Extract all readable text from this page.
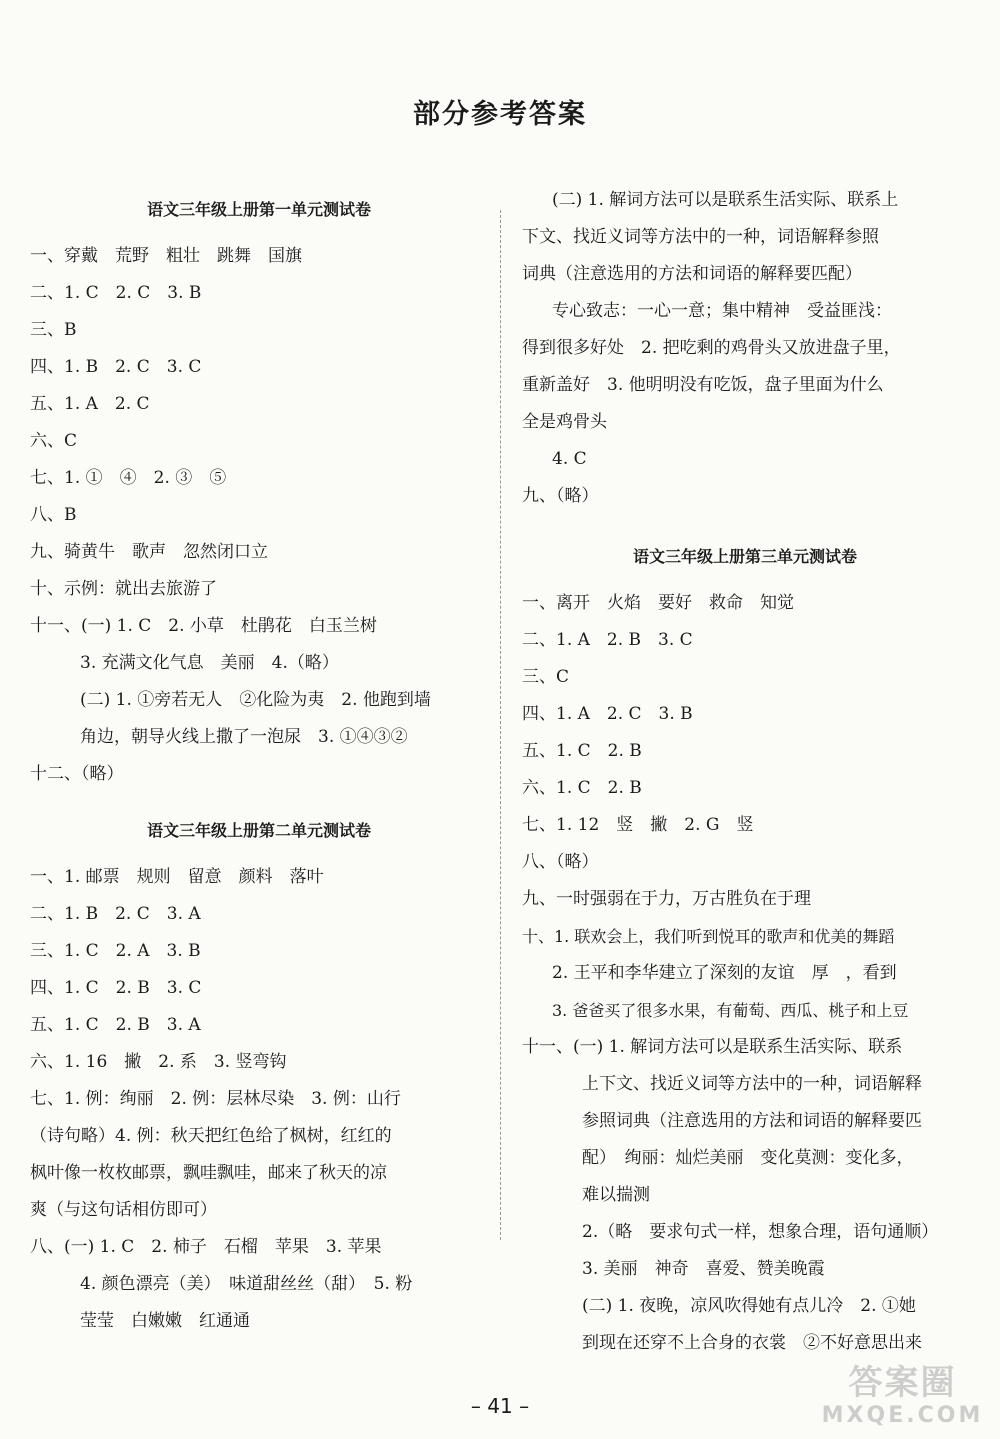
部分参考答案
语文三年级上册第一单元测试卷
一、穿戴　荒野　粗壮　跳舞　国旗
二、1. C　2. C　3. B
三、B
四、1. B　2. C　3. C
五、1. A　2. C
六、C
七、1. ①　④　2. ③　⑤
八、B
九、骑黄牛　歌声　忽然闭口立
十、示例：就出去旅游了
十一、(一) 1. C　2. 小草　杜鹃花　白玉兰树
3. 充满文化气息　美丽　4.（略）
(二) 1. ①旁若无人　②化险为夷　2. 他跑到墙
角边，朝导火线上撒了一泡尿　3. ①④③②
十二、（略）
语文三年级上册第二单元测试卷
一、1. 邮票　规则　留意　颜料　落叶
二、1. B　2. C　3. A
三、1. C　2. A　3. B
四、1. C　2. B　3. C
五、1. C　2. B　3. A
六、1. 16　撇　2. 系　3. 竖弯钩
七、1. 例：绚丽　2. 例：层林尽染　3. 例：山行
（诗句略）4. 例：秋天把红色给了枫树，红红的
枫叶像一枚枚邮票，飘哇飘哇，邮来了秋天的凉
爽（与这句话相仿即可）
八、(一) 1. C　2. 柿子　石榴　苹果　3. 苹果
4. 颜色漂亮（美）　味道甜丝丝（甜）　5. 粉
莹莹　白嫩嫩　红通通
(二) 1. 解词方法可以是联系生活实际、联系上
下文、找近义词等方法中的一种，词语解释参照
词典（注意选用的方法和词语的解释要匹配）
专心致志：一心一意；集中精神　受益匪浅：
得到很多好处　2. 把吃剩的鸡骨头又放进盘子里，
重新盖好　3. 他明明没有吃饭，盘子里面为什么
全是鸡骨头
4. C
九、（略）
语文三年级上册第三单元测试卷
一、离开　火焰　要好　救命　知觉
二、1. A　2. B　3. C
三、C
四、1. A　2. C　3. B
五、1. C　2. B
六、1. C　2. B
七、1. 12　竖　撇　2. G　竖
八、（略）
九、一时强弱在于力，万古胜负在于理
十、1. 联欢会上，我们听到悦耳的歌声和优美的舞蹈
2. 王平和李华建立了深刻的友谊　厚　，看到
3. 爸爸买了很多水果，有葡萄、西瓜、桃子和上豆
十一、(一) 1. 解词方法可以是联系生活实际、联系
上下文、找近义词等方法中的一种，词语解释
参照词典（注意选用的方法和词语的解释要匹
配）　绚丽：灿烂美丽　变化莫测：变化多，
难以揣测
2.（略　要求句式一样，想象合理，语句通顺）
3. 美丽　神奇　喜爱、赞美晚霞
(二) 1. 夜晚，凉风吹得她有点儿冷　2. ①她
到现在还穿不上合身的衣裳　②不好意思出来
– 41 –
答案圈
MXQE.COM
